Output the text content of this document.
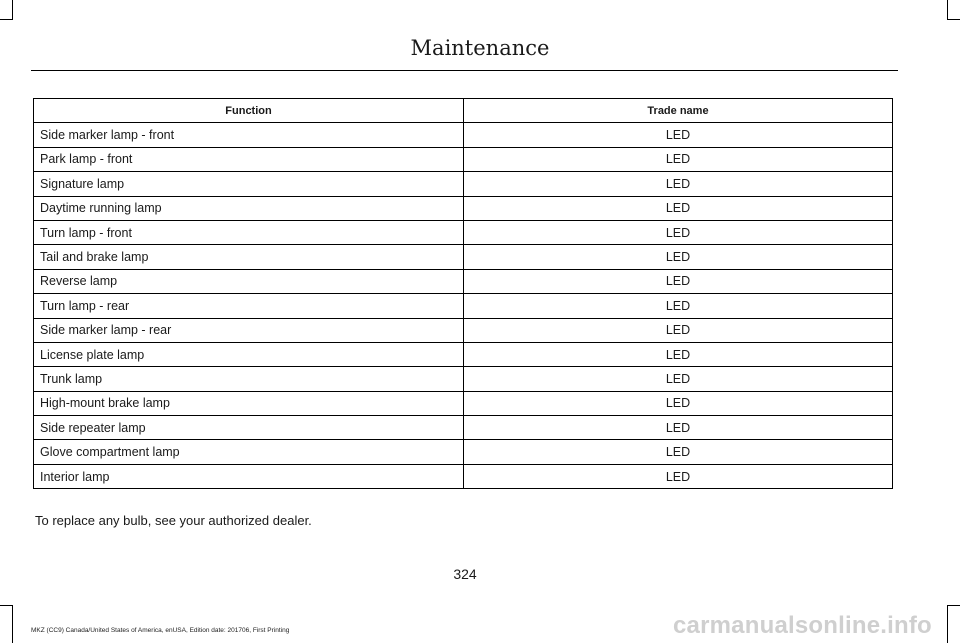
Maintenance
Function	Trade name
Side marker lamp - front	LED
Park lamp - front	LED
Signature lamp	LED
Daytime running lamp	LED
Turn lamp - front	LED
Tail and brake lamp	LED
Reverse lamp	LED
Turn lamp - rear	LED
Side marker lamp - rear	LED
License plate lamp	LED
Trunk lamp	LED
High-mount brake lamp	LED
Side repeater lamp	LED
Glove compartment lamp	LED
Interior lamp	LED
To replace any bulb, see your authorized dealer.
324
MKZ (CC9) Canada/United States of America, enUSA, Edition date: 201706, First Printing	carmanualsonline.info
